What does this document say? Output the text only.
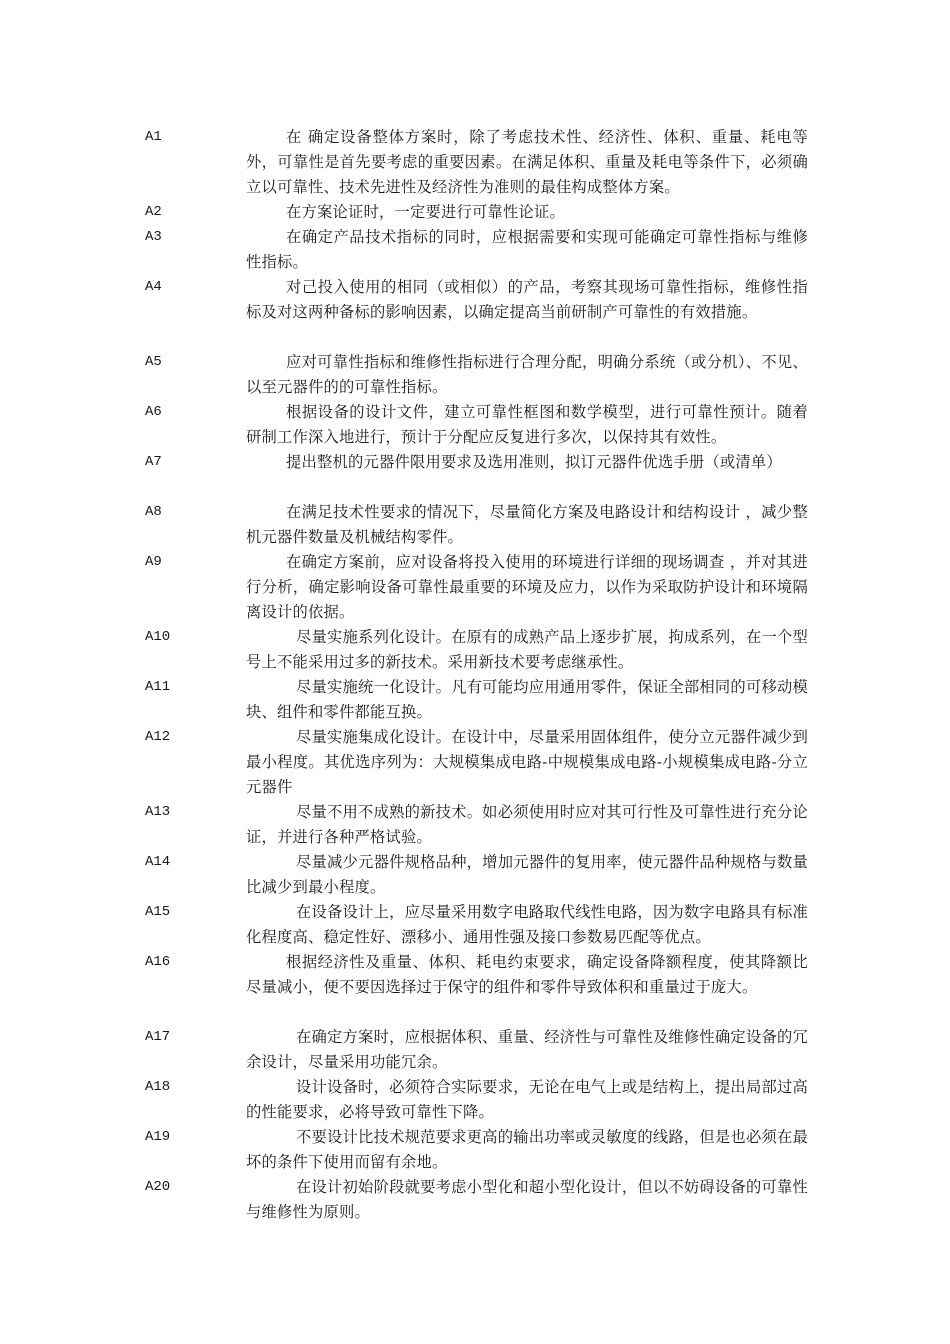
A1	在 确定设备整体方案时，除了考虑技术性、经济性、体积、重量、耗电等外，可靠性是首先要考虑的重要因素。在满足体积、重量及耗电等条件下，必须确立以可靠性、技术先进性及经济性为准则的最佳构成整体方案。
A2	在方案论证时，一定要进行可靠性论证。
A3	在确定产品技术指标的同时，应根据需要和实现可能确定可靠性指标与维修性指标。
A4	对己投入使用的相同（或相似）的产品，考察其现场可靠性指标，维修性指标及对这两种备标的影响因素，以确定提高当前研制产可靠性的有效措施。
A5	应对可靠性指标和维修性指标进行合理分配，明确分系统（或分机）、不见、以至元器件的的可靠性指标。
A6	根据设备的设计文件，建立可靠性框图和数学模型，进行可靠性预计。随着研制工作深入地进行，预计于分配应反复进行多次，以保持其有效性。
A7	提出整机的元器件限用要求及选用准则，拟订元器件优选手册（或清单）
A8	在满足技术性要求的情况下，尽量简化方案及电路设计和结构设计 ，减少整机元器件数量及机械结构零件。
A9	在确定方案前，应对设备将投入使用的环境进行详细的现场调查 ，并对其进行分析，确定影响设备可靠性最重要的环境及应力，以作为采取防护设计和环境隔离设计的依据。
A10	尽量实施系列化设计。在原有的成熟产品上逐步扩展，拘成系列，在一个型号上不能采用过多的新技术。采用新技术要考虑继承性。
A11	尽量实施统一化设计。凡有可能均应用通用零件，保证全部相同的可移动模块、组件和零件都能互换。
A12	尽量实施集成化设计。在设计中，尽量采用固体组件，使分立元器件减少到最小程度。其优选序列为：大规模集成电路-中规模集成电路-小规模集成电路-分立元器件
A13	尽量不用不成熟的新技术。如必须使用时应对其可行性及可靠性进行充分论证，并进行各种严格试验。
A14	尽量减少元器件规格品种，增加元器件的复用率，使元器件品种规格与数量比减少到最小程度。
A15	在设备设计上，应尽量采用数字电路取代线性电路，因为数字电路具有标准化程度高、稳定性好、漂移小、通用性强及接口参数易匹配等优点。
A16	根据经济性及重量、体积、耗电约束要求，确定设备降额程度，使其降额比尽量减小，便不要因选择过于保守的组件和零件导致体积和重量过于庞大。
A17	在确定方案时，应根据体积、重量、经济性与可靠性及维修性确定设备的冗余设计，尽量采用功能冗余。
A18	设计设备时，必须符合实际要求，无论在电气上或是结构上，提出局部过高的性能要求，必将导致可靠性下降。
A19	不要设计比技术规范要求更高的输出功率或灵敏度的线路，但是也必须在最坏的条件下使用而留有余地。
A20	在设计初始阶段就要考虑小型化和超小型化设计，但以不妨碍设备的可靠性与维修性为原则。
